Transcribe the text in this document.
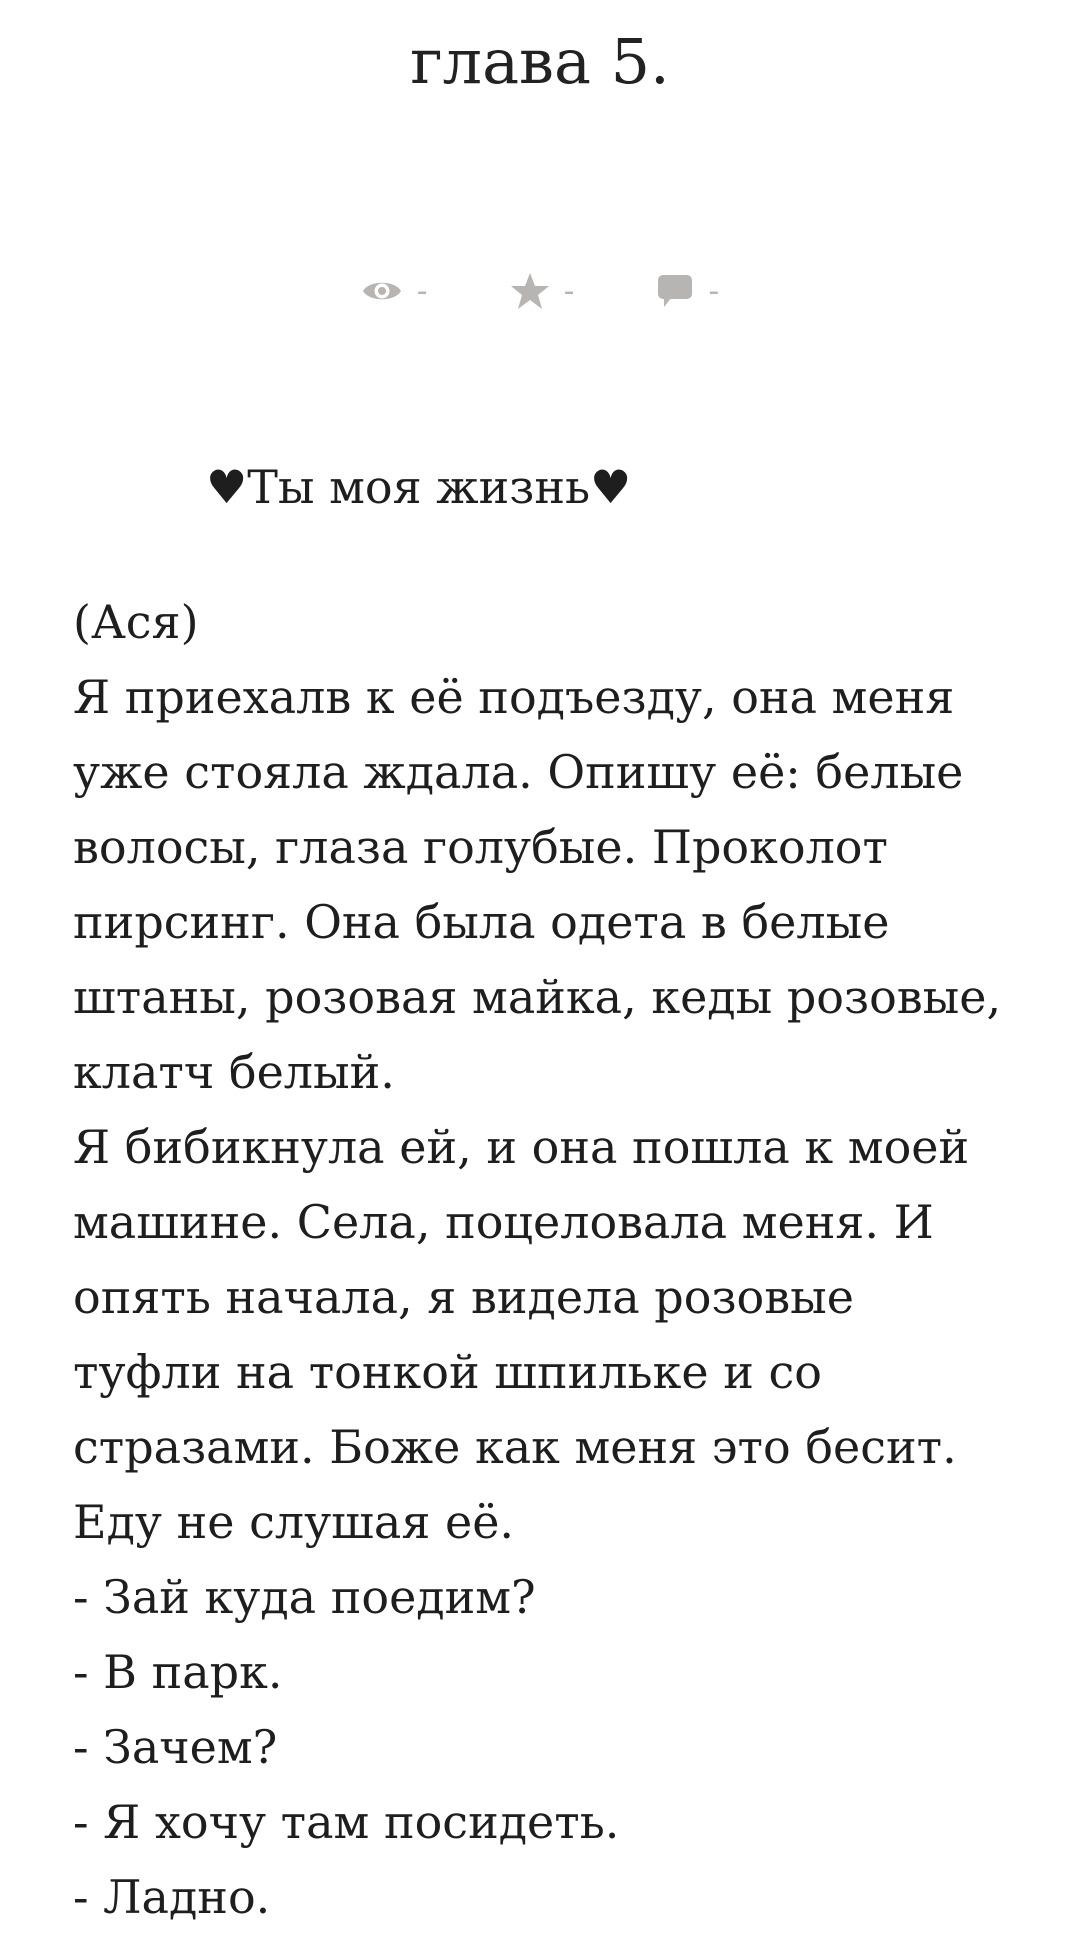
глава 5.
-	-	-

♥Ты моя жизнь♥

(Ася)

Я приехалв к её подъезду, она меня уже стояла ждала. Опишу её: белые волосы, глаза голубые. Проколот пирсинг. Она была одета в белые штаны, розовая майка, кеды розовые, клатч белый.

Я бибикнула ей, и она пошла к моей машине. Села, поцеловала меня. И опять начала, я видела розовые туфли на тонкой шпильке и со стразами. Боже как меня это бесит. Еду не слушая её.

- Зай куда поедим?

- В парк.

- Зачем?

- Я хочу там посидеть.

- Ладно.
